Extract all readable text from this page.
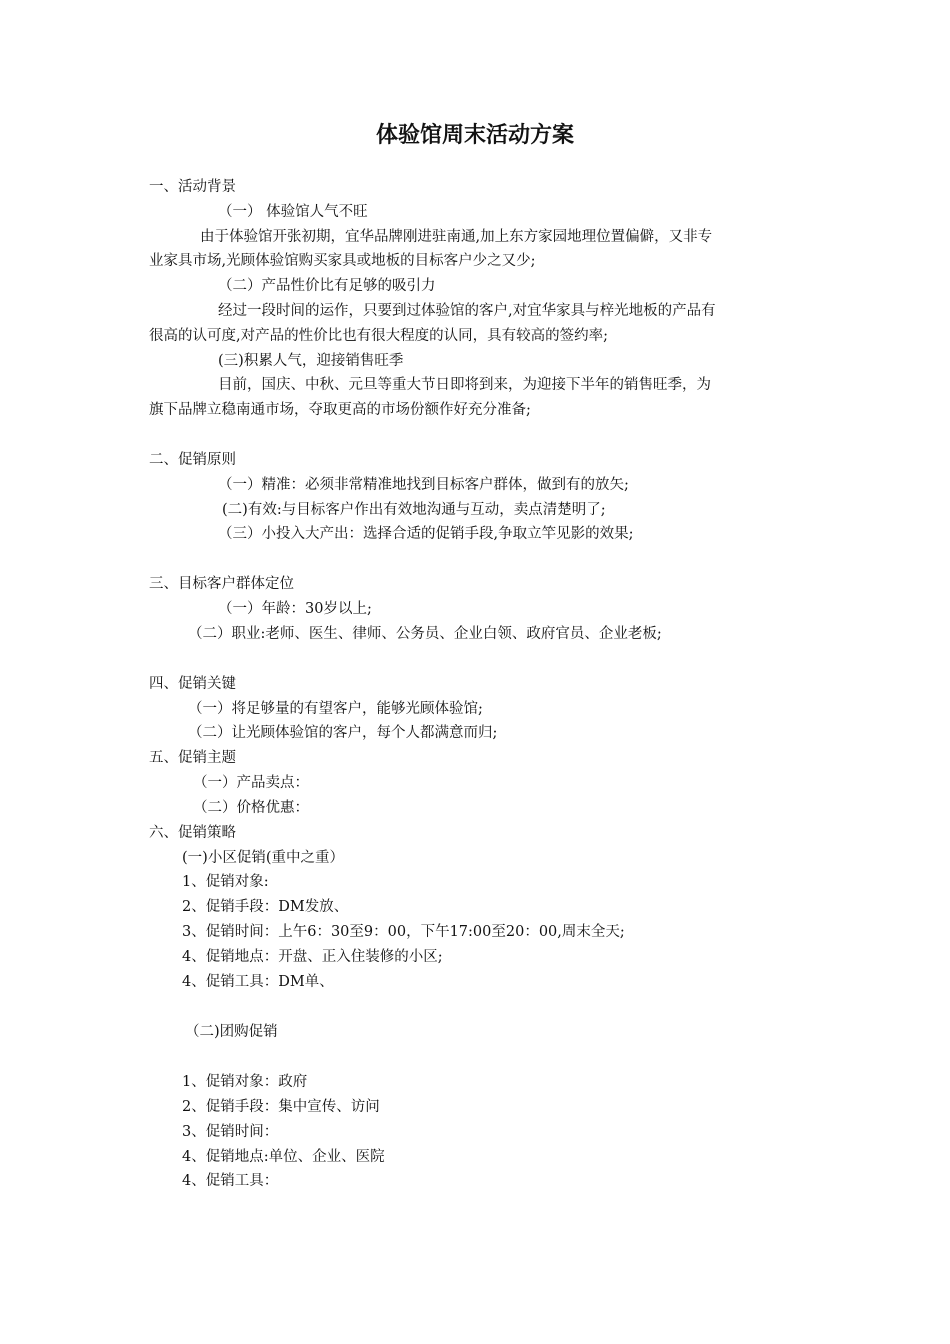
体验馆周末活动方案
一、活动背景
（一） 体验馆人气不旺
由于体验馆开张初期，宜华品牌刚进驻南通,加上东方家园地理位置偏僻，又非专
业家具市场,光顾体验馆购买家具或地板的目标客户少之又少;
（二）产品性价比有足够的吸引力
经过一段时间的运作，只要到过体验馆的客户,对宜华家具与梓光地板的产品有
很高的认可度,对产品的性价比也有很大程度的认同，具有较高的签约率;
(三)积累人气，迎接销售旺季
目前，国庆、中秋、元旦等重大节日即将到来，为迎接下半年的销售旺季，为
旗下品牌立稳南通市场，夺取更高的市场份额作好充分准备;
二、促销原则
（一）精准：必须非常精准地找到目标客户群体，做到有的放矢;
(二)有效:与目标客户作出有效地沟通与互动，卖点清楚明了;
（三）小投入大产出：选择合适的促销手段,争取立竿见影的效果;
三、目标客户群体定位
（一）年龄：30岁以上;
（二）职业:老师、医生、律师、公务员、企业白领、政府官员、企业老板;
四、促销关键
（一）将足够量的有望客户，能够光顾体验馆;
（二）让光顾体验馆的客户，每个人都满意而归;
五、促销主题
（一）产品卖点：
（二）价格优惠：
六、促销策略
(一)小区促销(重中之重）
1、促销对象:
2、促销手段：DM发放、
3、促销时间：上午6：30至9：00，下午17:00至20：00,周末全天;
4、促销地点：开盘、正入住装修的小区;
4、促销工具：DM单、
（二)团购促销
1、促销对象：政府
2、促销手段：集中宣传、访问
3、促销时间：
4、促销地点:单位、企业、医院
4、促销工具：
